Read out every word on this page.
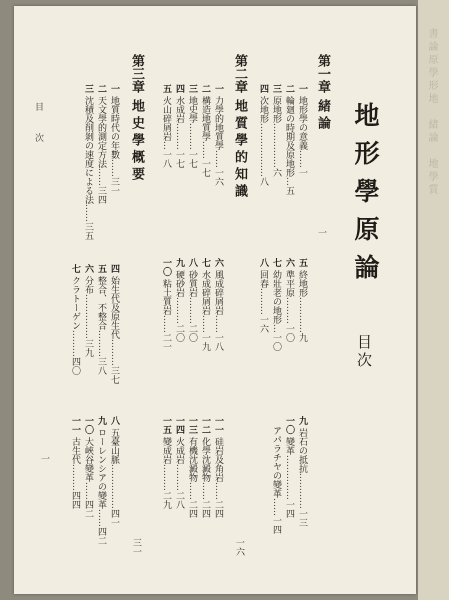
書論原學形地　緒論　地學質
地形學原論
目次
第一章緒論
一
一 地形學の意義……一
二 輪廻の時期及原地形…五
三 原地形……………六
四 次地形………………八
五 終地形…………九
六 準平原………一〇
七 幼壯老の地形…一〇
八 回春………一六
九 岩石の抵抗…………一三
一〇 變革……………一四
アパラチヤの變革……一四
第二章地質學的知識
一六
一 力學的地質學……一六
二 構造地質學……一七
三 地史學………一七
四 水成岩………一七
五 火山碎屑岩…一八
六 風成碎屑岩……一八
七 水成碎屑岩……一九
八 砂質岩………二〇
九 硬砂岩………二〇
一〇 粘土質岩……二一
一一 硅岩及角岩……二四
一二 化學沈澱物……二四
一三 有機沈澱物……二四
一四 火成岩………二八
一五 變成岩………二九
第三章地史學概要
三一
一 地質時代の年數……三一
二 天文學的測定方法……三四
三 沈積及削剝の速度による法……三五
四 始生代及原生代………三七
五 整合、不整合………三八
六 分布……………三九
七 クラトーゲン………四〇
八 五臺山脈……………四一
九 ローレンシアの變革……四二
一〇 大峽谷變革……四二
一一 古生代………四四
目次
一
